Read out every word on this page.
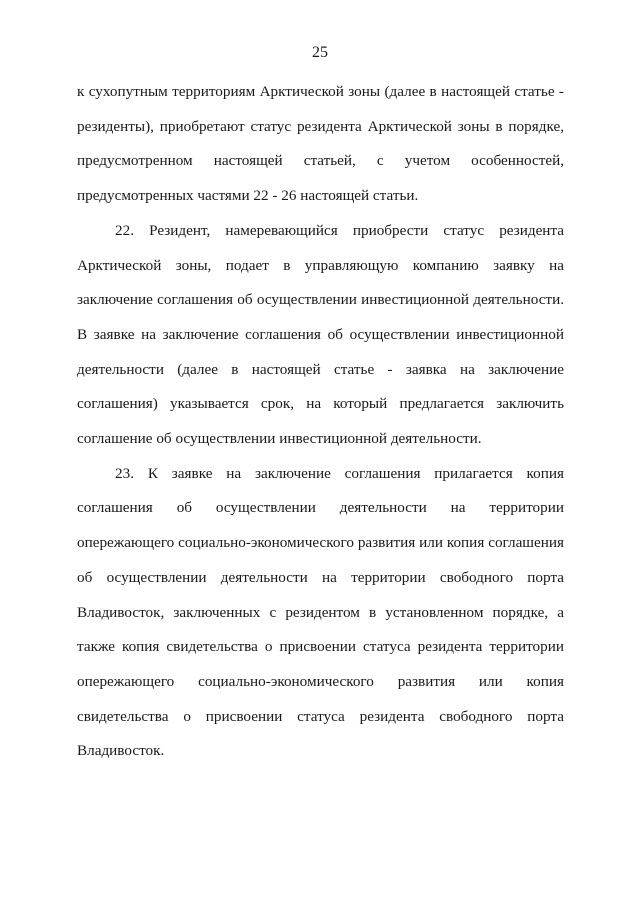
25

к сухопутным территориям Арктической зоны (далее в настоящей статье - резиденты), приобретают статус резидента Арктической зоны в порядке, предусмотренном настоящей статьей, с учетом особенностей, предусмотренных частями 22 - 26 настоящей статьи.

22. Резидент, намеревающийся приобрести статус резидента Арктической зоны, подает в управляющую компанию заявку на заключение соглашения об осуществлении инвестиционной деятельности. В заявке на заключение соглашения об осуществлении инвестиционной деятельности (далее в настоящей статье - заявка на заключение соглашения) указывается срок, на который предлагается заключить соглашение об осуществлении инвестиционной деятельности.

23. К заявке на заключение соглашения прилагается копия соглашения об осуществлении деятельности на территории опережающего социально-экономического развития или копия соглашения об осуществлении деятельности на территории свободного порта Владивосток, заключенных с резидентом в установленном порядке, а также копия свидетельства о присвоении статуса резидента территории опережающего социально-экономического развития или копия свидетельства о присвоении статуса резидента свободного порта Владивосток.
